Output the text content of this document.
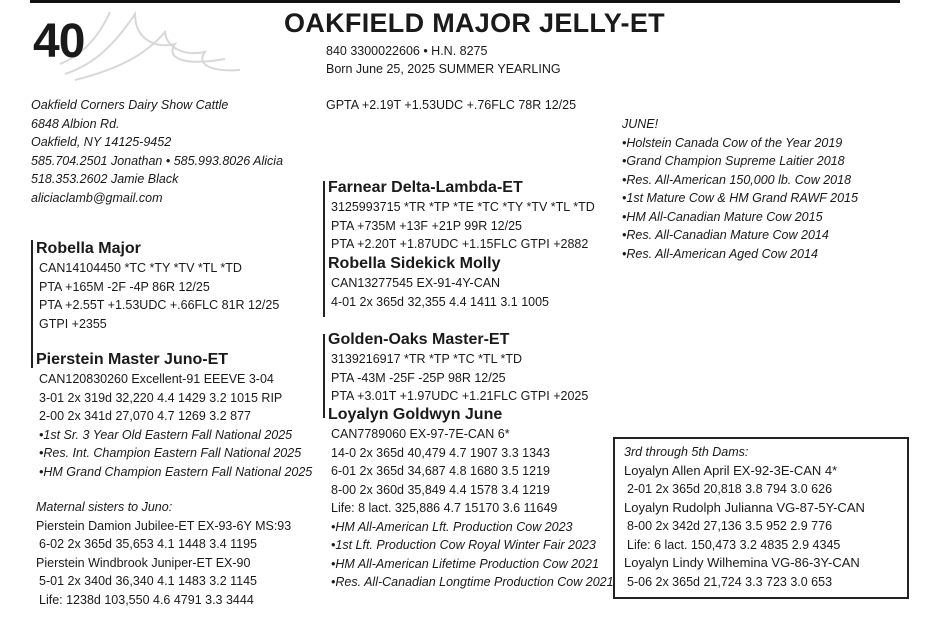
40	OAKFIELD MAJOR JELLY-ET
840 3300022606 • H.N. 8275
Born June 25, 2025 SUMMER YEARLING
GPTA +2.19T +1.53UDC +.76FLC 78R 12/25
Oakfield Corners Dairy Show Cattle
6848 Albion Rd.
Oakfield, NY 14125-9452
585.704.2501 Jonathan • 585.993.8026 Alicia
518.353.2602 Jamie Black
aliciaclamb@gmail.com
Robella Major
CAN14104450 *TC *TY *TV *TL *TD
PTA +165M -2F -4P 86R 12/25
PTA +2.55T +1.53UDC +.66FLC 81R 12/25
GTPI +2355
Pierstein Master Juno-ET
CAN120830260 Excellent-91 EEEVE 3-04
3-01 2x 319d 32,220 4.4 1429 3.2 1015 RIP
2-00 2x 341d 27,070 4.7 1269 3.2 877
•1st Sr. 3 Year Old Eastern Fall National 2025
•Res. Int. Champion Eastern Fall National 2025
•HM Grand Champion Eastern Fall National 2025
Maternal sisters to Juno:
Pierstein Damion Jubilee-ET EX-93-6Y MS:93
6-02 2x 365d 35,653 4.1 1448 3.4 1195
Pierstein Windbrook Juniper-ET EX-90
5-01 2x 340d 36,340 4.1 1483 3.2 1145
Life: 1238d 103,550 4.6 4791 3.3 3444
Farnear Delta-Lambda-ET
3125993715 *TR *TP *TE *TC *TY *TV *TL *TD
PTA +735M +13F +21P 99R 12/25
PTA +2.20T +1.87UDC +1.15FLC GTPI +2882
Robella Sidekick Molly
CAN13277545 EX-91-4Y-CAN
4-01 2x 365d 32,355 4.4 1411 3.1 1005
Golden-Oaks Master-ET
3139216917 *TR *TP *TC *TL *TD
PTA -43M -25F -25P 98R 12/25
PTA +3.01T +1.97UDC +1.21FLC GTPI +2025
Loyalyn Goldwyn June
CAN7789060 EX-97-7E-CAN 6*
14-0 2x 365d 40,479 4.7 1907 3.3 1343
6-01 2x 365d 34,687 4.8 1680 3.5 1219
8-00 2x 360d 35,849 4.4 1578 3.4 1219
Life: 8 lact. 325,886 4.7 15170 3.6 11649
•HM All-American Lft. Production Cow 2023
•1st Lft. Production Cow Royal Winter Fair 2023
•HM All-American Lifetime Production Cow 2021
•Res. All-Canadian Longtime Production Cow 2021
JUNE!
•Holstein Canada Cow of the Year 2019
•Grand Champion Supreme Laitier 2018
•Res. All-American 150,000 lb. Cow 2018
•1st Mature Cow & HM Grand RAWF 2015
•HM All-Canadian Mature Cow 2015
•Res. All-Canadian Mature Cow 2014
•Res. All-American Aged Cow 2014
3rd through 5th Dams:
Loyalyn Allen April EX-92-3E-CAN 4*
2-01 2x 365d 20,818 3.8 794 3.0 626
Loyalyn Rudolph Julianna VG-87-5Y-CAN
8-00 2x 342d 27,136 3.5 952 2.9 776
Life: 6 lact. 150,473 3.2 4835 2.9 4345
Loyalyn Lindy Wilhemina VG-86-3Y-CAN
5-06 2x 365d 21,724 3.3 723 3.0 653
